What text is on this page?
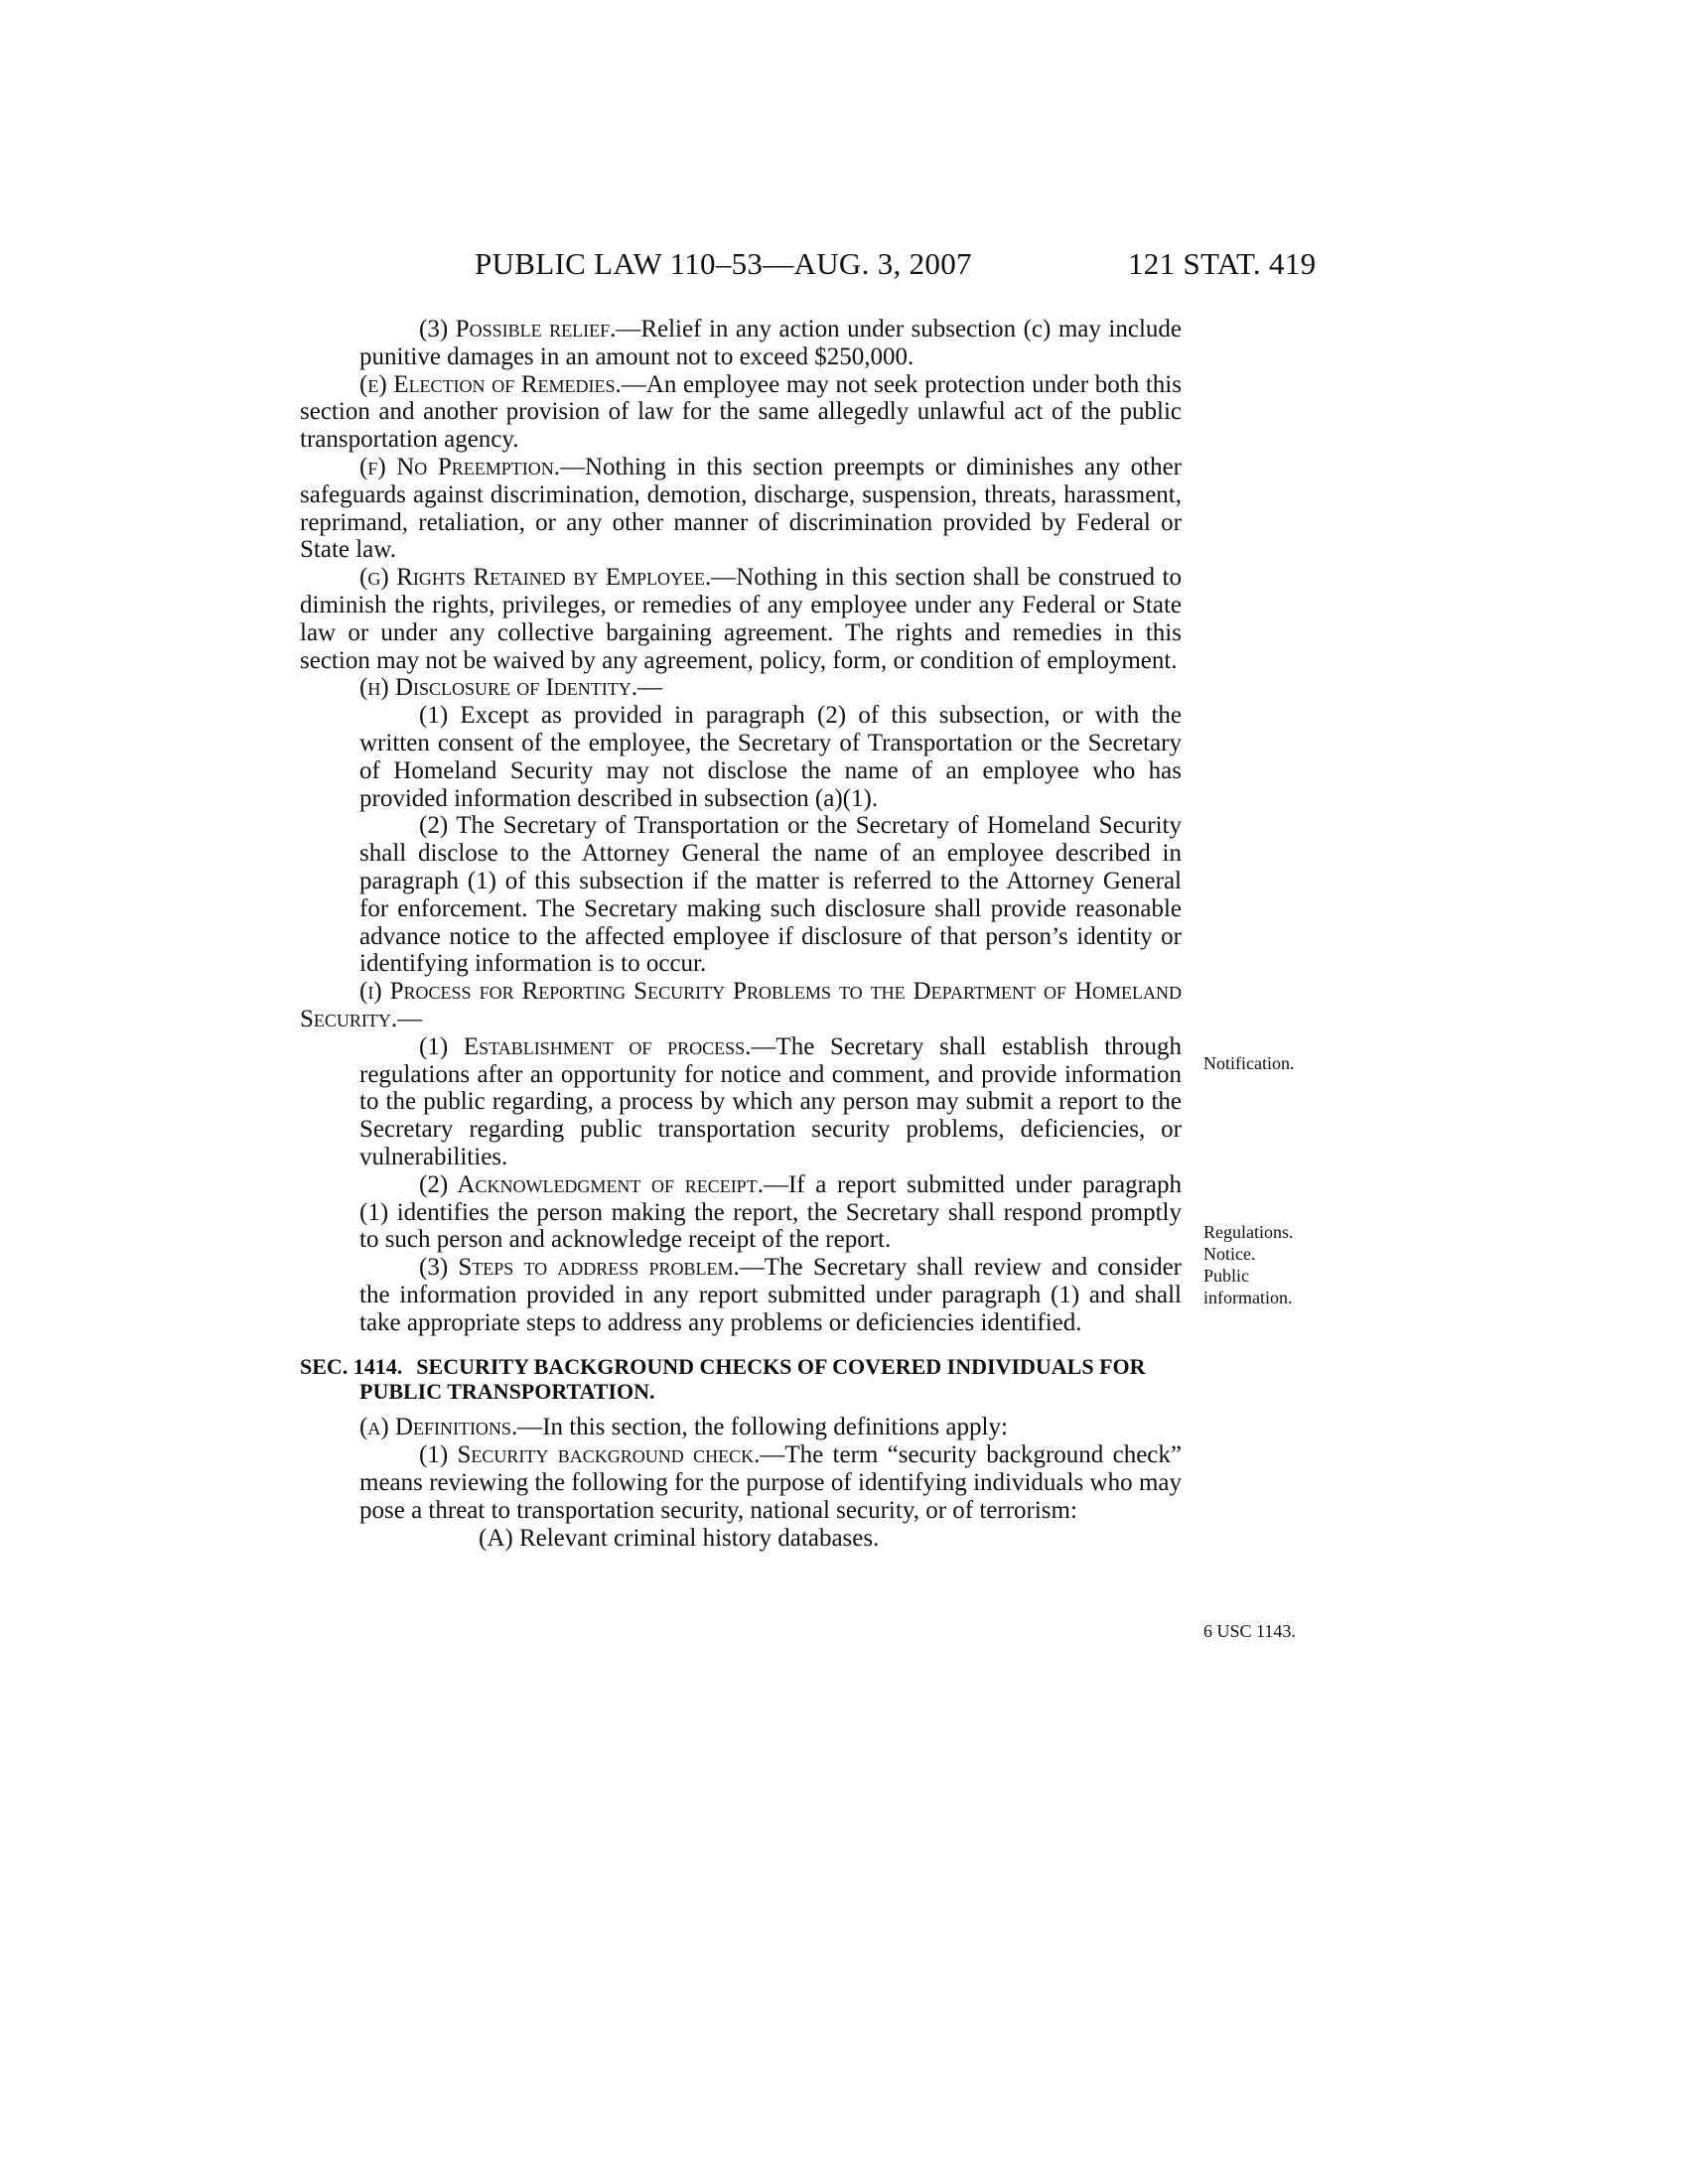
PUBLIC LAW 110–53—AUG. 3, 2007	121 STAT. 419

(3) Possible relief.—Relief in any action under subsection (c) may include punitive damages in an amount not to exceed $250,000.

(e) Election of Remedies.—An employee may not seek protection under both this section and another provision of law for the same allegedly unlawful act of the public transportation agency.

(f) No Preemption.—Nothing in this section preempts or diminishes any other safeguards against discrimination, demotion, discharge, suspension, threats, harassment, reprimand, retaliation, or any other manner of discrimination provided by Federal or State law.

(g) Rights Retained by Employee.—Nothing in this section shall be construed to diminish the rights, privileges, or remedies of any employee under any Federal or State law or under any collective bargaining agreement. The rights and remedies in this section may not be waived by any agreement, policy, form, or condition of employment.

(h) Disclosure of Identity.—

(1) Except as provided in paragraph (2) of this subsection, or with the written consent of the employee, the Secretary of Transportation or the Secretary of Homeland Security may not disclose the name of an employee who has provided information described in subsection (a)(1).

(2) The Secretary of Transportation or the Secretary of Homeland Security shall disclose to the Attorney General the name of an employee described in paragraph (1) of this subsection if the matter is referred to the Attorney General for enforcement. The Secretary making such disclosure shall provide reasonable advance notice to the affected employee if disclosure of that person’s identity or identifying information is to occur.

(i) Process for Reporting Security Problems to the Department of Homeland Security.—

(1) Establishment of process.—The Secretary shall establish through regulations after an opportunity for notice and comment, and provide information to the public regarding, a process by which any person may submit a report to the Secretary regarding public transportation security problems, deficiencies, or vulnerabilities.

(2) Acknowledgment of receipt.—If a report submitted under paragraph (1) identifies the person making the report, the Secretary shall respond promptly to such person and acknowledge receipt of the report.

(3) Steps to address problem.—The Secretary shall review and consider the information provided in any report submitted under paragraph (1) and shall take appropriate steps to address any problems or deficiencies identified.

SEC. 1414. SECURITY BACKGROUND CHECKS OF COVERED INDIVIDUALS FOR PUBLIC TRANSPORTATION.

(a) Definitions.—In this section, the following definitions apply:

(1) Security background check.—The term “security background check” means reviewing the following for the purpose of identifying individuals who may pose a threat to transportation security, national security, or of terrorism:

(A) Relevant criminal history databases.

Notification.
Regulations.
Notice.
Public
information.
6 USC 1143.
